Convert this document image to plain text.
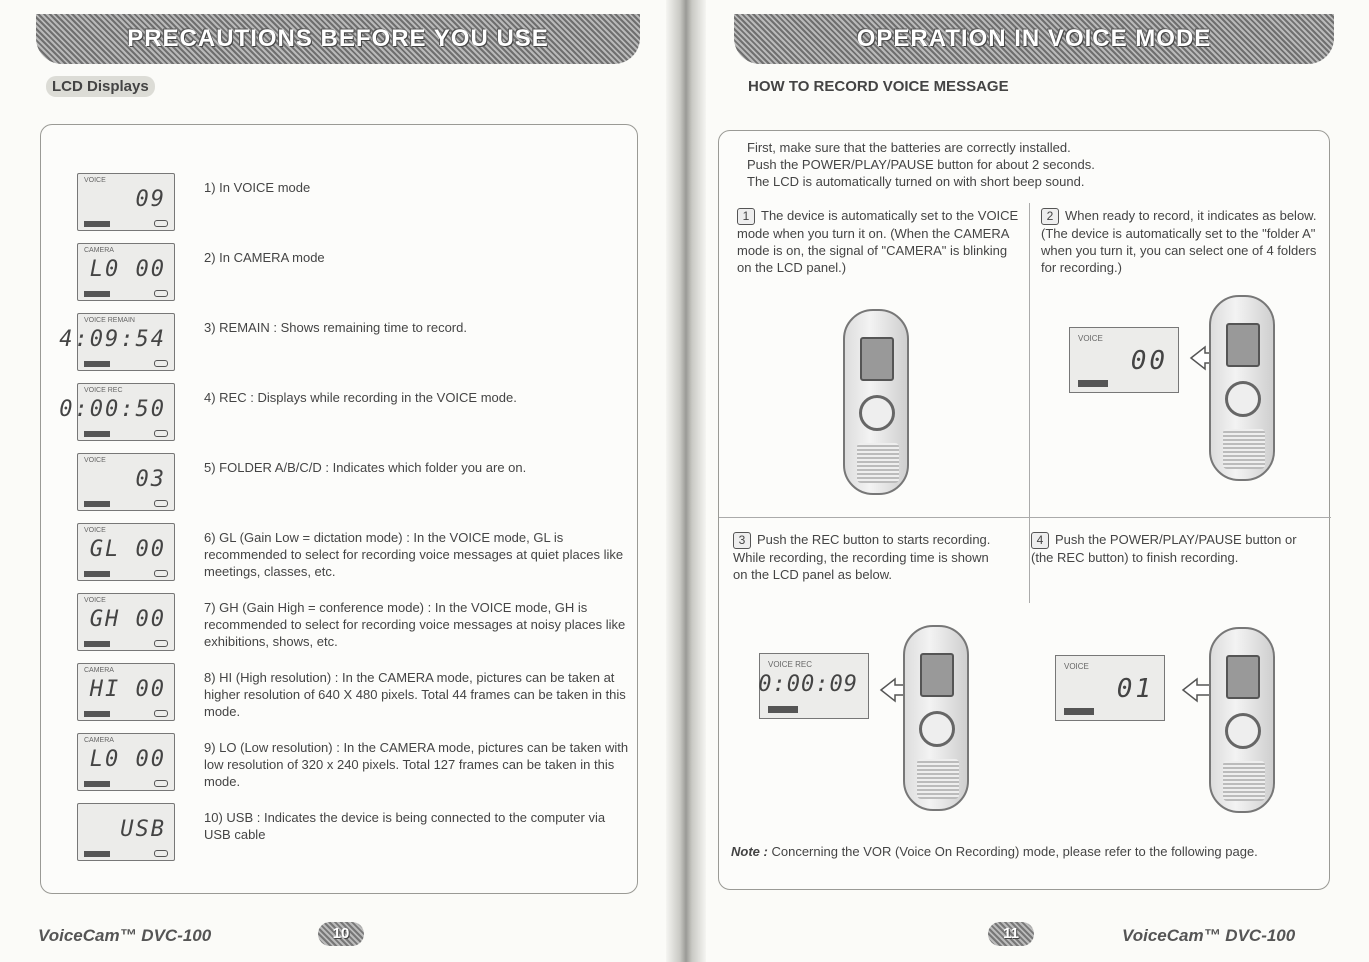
PRECAUTIONS BEFORE YOU USE
LCD Displays
VOICE
09	1) In VOICE mode
CAMERA
L0 00	2) In CAMERA mode
VOICE REMAIN
4:09:54	3) REMAIN : Shows remaining time to record.
VOICE REC
0:00:50	4) REC : Displays while recording in the VOICE mode.
VOICE
03	5) FOLDER A/B/C/D : Indicates which folder you are on.
VOICE
GL 00	6) GL (Gain Low = dictation mode) : In the VOICE mode, GL is recommended to select for recording voice messages at quiet places like meetings, classes, etc.
VOICE
GH 00	7) GH (Gain High = conference mode) : In the VOICE mode, GH is recommended to select for recording voice messages at noisy places like exhibitions, shows, etc.
CAMERA
HI 00	8) HI (High resolution) : In the CAMERA mode, pictures can be taken at higher resolution of 640 X 480 pixels. Total 44 frames can be taken in this mode.
CAMERA
L0 00	9) LO (Low resolution) : In the CAMERA mode, pictures can be taken with low resolution of 320 x 240 pixels. Total 127 frames can be taken in this mode.
USB	10) USB : Indicates the device is being connected to the computer via USB cable
VoiceCam™ DVC-100	10
OPERATION IN VOICE MODE
HOW TO RECORD VOICE MESSAGE
First, make sure that the batteries are correctly installed.
Push the POWER/PLAY/PAUSE button for about 2 seconds.
The LCD is automatically turned on with short beep sound.
1 The device is automatically set to the VOICE mode when you turn it on. (When the CAMERA mode is on, the signal of "CAMERA" is blinking on the LCD panel.)
2 When ready to record, it indicates as below. (The device is automatically set to the "folder A" when you turn it, you can select one of 4 folders for recording.)
VOICE
00
3 Push the REC button to starts recording. While recording, the recording time is shown on the LCD panel as below.
VOICE REC
0:00:09
4 Push the POWER/PLAY/PAUSE button or (the REC button) to finish recording.
VOICE
01
Note : Concerning the VOR (Voice On Recording) mode, please refer to the following page.
11	VoiceCam™ DVC-100
